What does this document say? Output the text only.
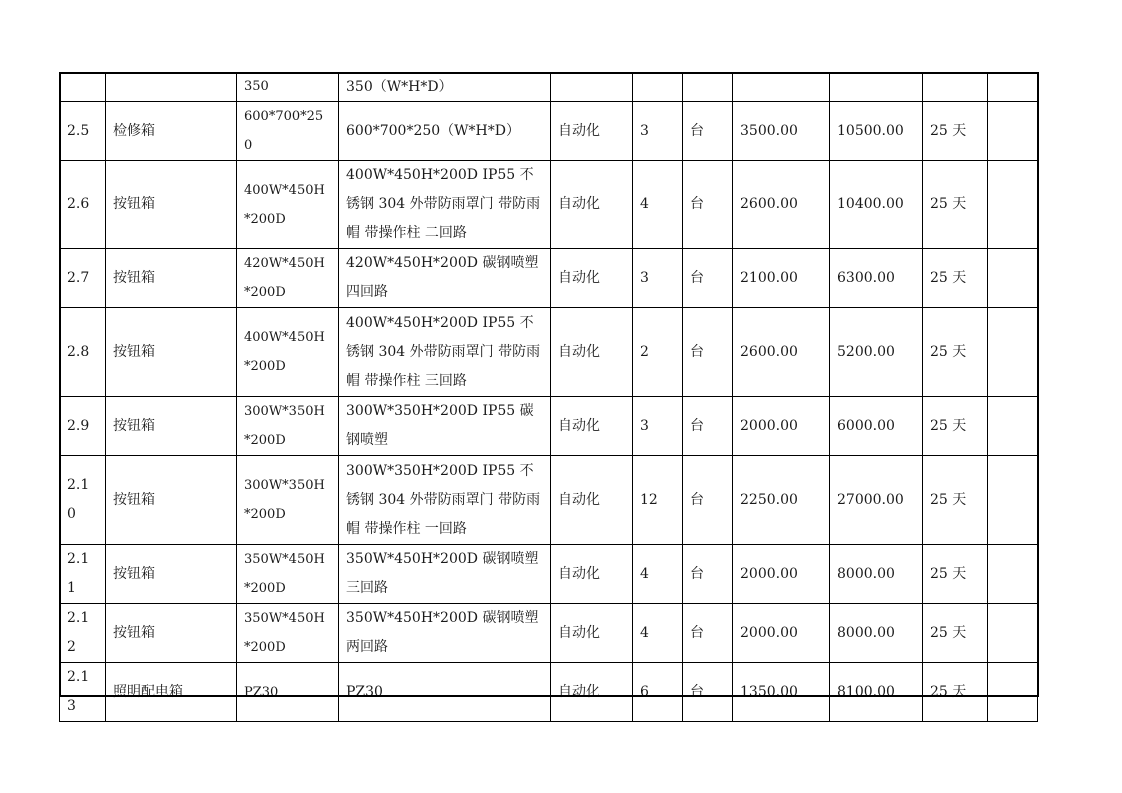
		350	350（W*H*D）							
2.5	检修箱	600*700*250	600*700*250（W*H*D）	自动化	3	台	3500.00	10500.00	25 天	
2.6	按钮箱	400W*450H*200D	400W*450H*200D IP55 不锈钢 304 外带防雨罩门 带防雨帽 带操作柱 二回路	自动化	4	台	2600.00	10400.00	25 天	
2.7	按钮箱	420W*450H*200D	420W*450H*200D 碳钢喷塑四回路	自动化	3	台	2100.00	6300.00	25 天	
2.8	按钮箱	400W*450H*200D	400W*450H*200D IP55 不锈钢 304 外带防雨罩门 带防雨帽 带操作柱 三回路	自动化	2	台	2600.00	5200.00	25 天	
2.9	按钮箱	300W*350H*200D	300W*350H*200D IP55 碳钢喷塑	自动化	3	台	2000.00	6000.00	25 天	
2.10	按钮箱	300W*350H*200D	300W*350H*200D IP55 不锈钢 304 外带防雨罩门 带防雨帽 带操作柱 一回路	自动化	12	台	2250.00	27000.00	25 天	
2.11	按钮箱	350W*450H*200D	350W*450H*200D 碳钢喷塑三回路	自动化	4	台	2000.00	8000.00	25 天	
2.12	按钮箱	350W*450H*200D	350W*450H*200D 碳钢喷塑两回路	自动化	4	台	2000.00	8000.00	25 天	
2.13	照明配电箱	PZ30	PZ30	自动化	6	台	1350.00	8100.00	25 天	
